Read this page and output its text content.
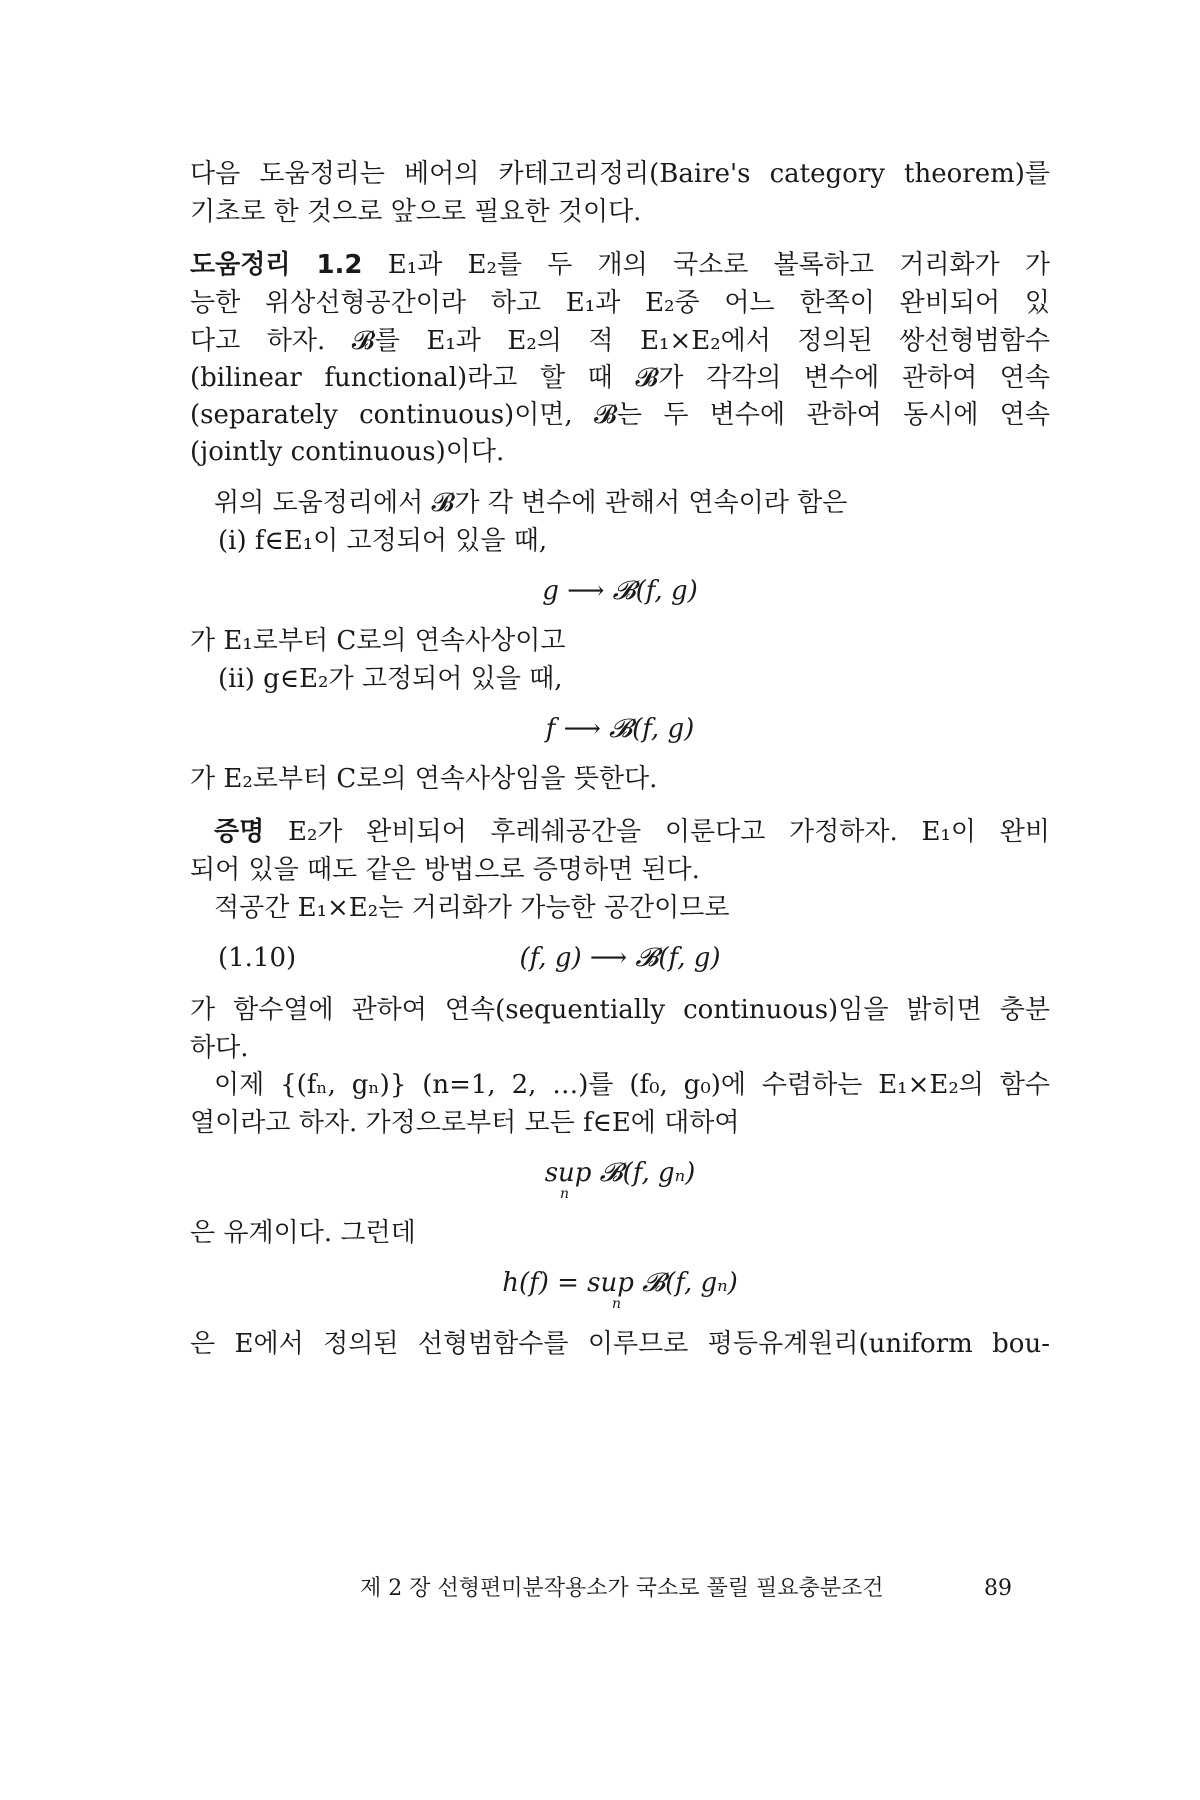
다음 도움정리는 베어의 카테고리정리(Baire's category theorem)를
기초로 한 것으로 앞으로 필요한 것이다.
도움정리 1.2 E₁과 E₂를 두 개의 국소로 볼록하고 거리화가 가
능한 위상선형공간이라 하고 E₁과 E₂중 어느 한쪽이 완비되어 있
다고 하자. 𝓑를 E₁과 E₂의 적 E₁×E₂에서 정의된 쌍선형범함수
(bilinear functional)라고 할 때 𝓑가 각각의 변수에 관하여 연속
(separately continuous)이면, 𝓑는 두 변수에 관하여 동시에 연속
(jointly continuous)이다.
위의 도움정리에서 𝓑가 각 변수에 관해서 연속이라 함은
(i) f∈E₁이 고정되어 있을 때,
g ⟶ 𝓑(f, g)
가 E₁로부터 C로의 연속사상이고
(ii) g∈E₂가 고정되어 있을 때,
f ⟶ 𝓑(f, g)
가 E₂로부터 C로의 연속사상임을 뜻한다.
증명 E₂가 완비되어 후레쉐공간을 이룬다고 가정하자. E₁이 완비
되어 있을 때도 같은 방법으로 증명하면 된다.
적공간 E₁×E₂는 거리화가 가능한 공간이므로
(1.10)	(f, g) ⟶ 𝓑(f, g)
가 함수열에 관하여 연속(sequentially continuous)임을 밝히면 충분
하다.
이제 {(fₙ, gₙ)} (n=1, 2, …)를 (f₀, g₀)에 수렴하는 E₁×E₂의 함수
열이라고 하자. 가정으로부터 모든 f∈E에 대하여
sup 𝓑(f, gₙ)
n
은 유계이다. 그런데
h(f) = sup 𝓑(f, gₙ)
n
은 E에서 정의된 선형범함수를 이루므로 평등유계원리(uniform bou-
제 2 장 선형편미분작용소가 국소로 풀릴 필요충분조건	89
